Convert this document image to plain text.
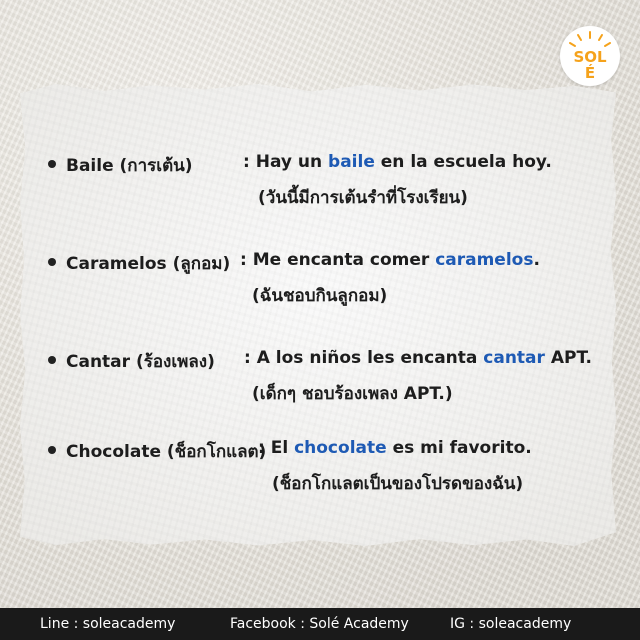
SOL
É
Baile (การเต้น)	: Hay un baile en la escuela hoy.
(วันนี้มีการเต้นรำที่โรงเรียน)
Caramelos (ลูกอม) : Me encanta comer caramelos.
(ฉันชอบกินลูกอม)
Cantar (ร้องเพลง) : A los niños les encanta cantar APT.
(เด็กๆ ชอบร้องเพลง APT.)
Chocolate (ช็อกโกแลต)
: El chocolate es mi favorito.
(ช็อกโกแลตเป็นของโปรดของฉัน)
Line : soleacademy	Facebook : Solé Academy	IG : soleacademy
